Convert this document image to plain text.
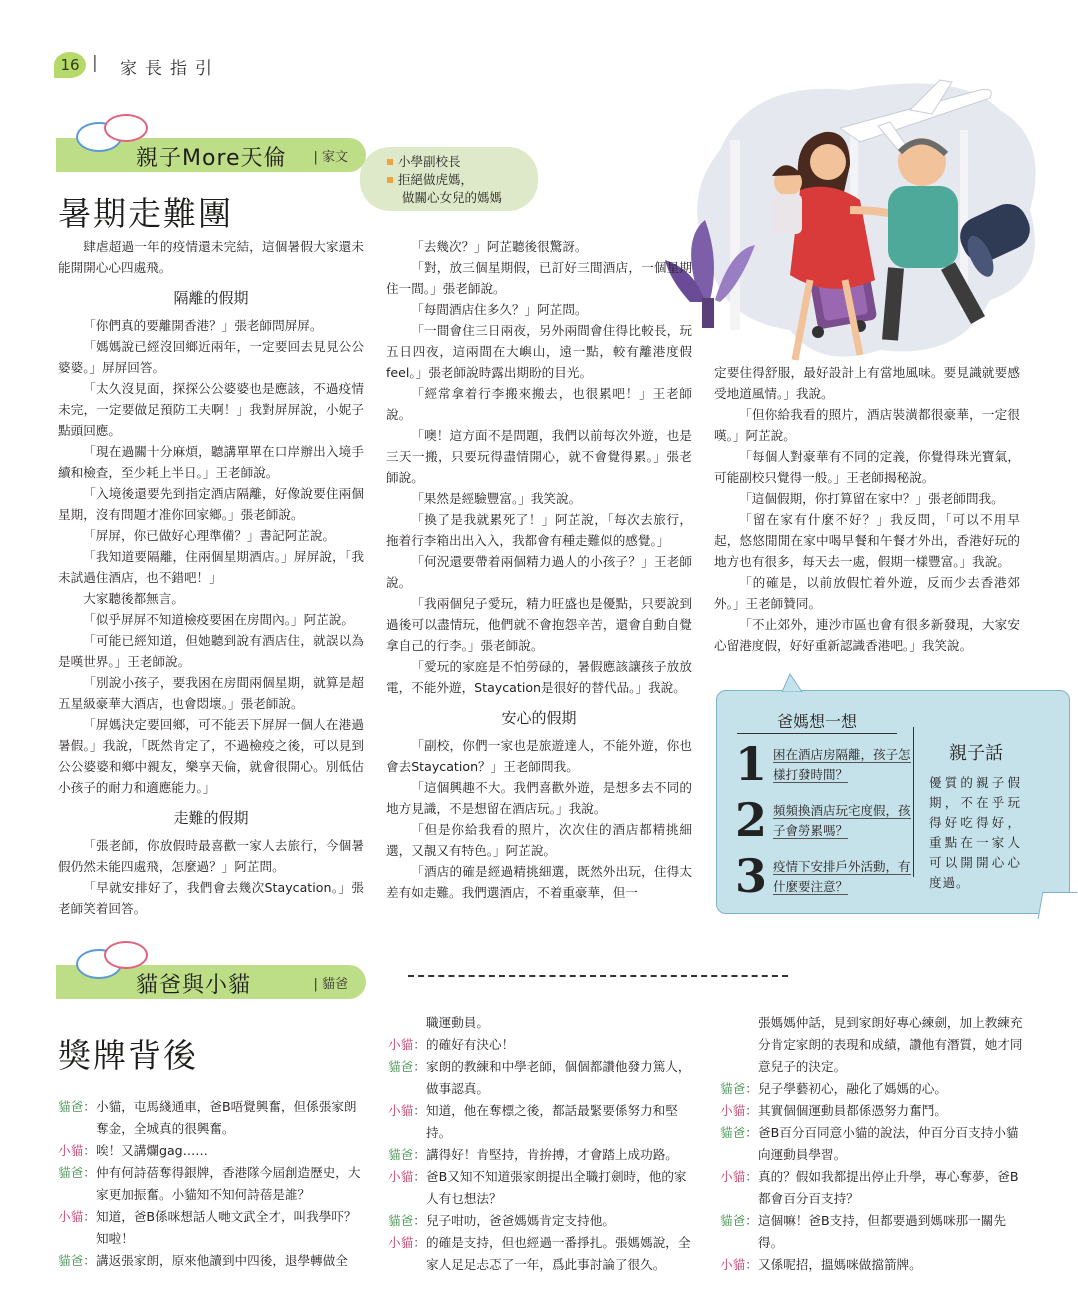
16 | 家長指引
親子More天倫 | 家文	小學副校長
拒絕做虎媽，
做關心女兒的媽媽
暑期走難團

肆虐超過一年的疫情還未完結，這個暑假大家還未能開開心心四處飛。

隔離的假期

「你們真的要離開香港？」張老師問屏屏。

「媽媽說已經沒回鄉近兩年，一定要回去見見公公婆婆。」屏屏回答。

「太久沒見面，探探公公婆婆也是應該，不過疫情未完，一定要做足預防工夫啊！」我對屏屏說，小妮子點頭回應。

「現在過關十分麻煩，聽講單單在口岸辦出入境手續和檢查，至少耗上半日。」王老師說。

「入境後還要先到指定酒店隔離，好像說要住兩個星期，沒有問題才准你回家鄉。」張老師說。

「屏屏，你已做好心理準備？」書記阿芷說。

「我知道要隔離，住兩個星期酒店。」屏屏說，「我未試過住酒店，也不錯吧！」

大家聽後都無言。

「似乎屏屏不知道檢疫要困在房間內。」阿芷說。

「可能已經知道，但她聽到說有酒店住，就誤以為是嘆世界。」王老師說。

「別說小孩子，要我困在房間兩個星期，就算是超五星級豪華大酒店，也會悶壞。」張老師說。

「屏媽決定要回鄉，可不能丟下屏屏一個人在港過暑假。」我說，「既然肯定了，不過檢疫之後，可以見到公公婆婆和鄉中親友，樂享天倫，就會很開心。別低估小孩子的耐力和適應能力。」

走難的假期

「張老師，你放假時最喜歡一家人去旅行，今個暑假仍然未能四處飛，怎麼過？」阿芷問。

「早就安排好了，我們會去幾次Staycation。」張老師笑着回答。

「去幾次？」阿芷聽後很驚訝。

「對，放三個星期假，已訂好三間酒店，一個星期住一間。」張老師說。

「每間酒店住多久？」阿芷問。

「一間會住三日兩夜，另外兩間會住得比較長，玩五日四夜，這兩間在大嶼山，遠一點，較有離港度假feel。」張老師說時露出期盼的目光。

「經常拿着行李搬來搬去，也很累吧！」王老師說。

「噢！這方面不是問題，我們以前每次外遊，也是三天一搬，只要玩得盡情開心，就不會覺得累。」張老師說。

「果然是經驗豐富。」我笑說。

「換了是我就累死了！」阿芷說，「每次去旅行，拖着行李箱出出入入，我都會有種走難似的感覺。」

「何況還要帶着兩個精力過人的小孩子？」王老師說。

「我兩個兒子愛玩，精力旺盛也是優點，只要說到過後可以盡情玩，他們就不會抱怨辛苦，還會自動自覺拿自己的行李。」張老師說。

「愛玩的家庭是不怕勞碌的，暑假應該讓孩子放放電，不能外遊，Staycation是很好的替代品。」我說。

安心的假期

「副校，你們一家也是旅遊達人，不能外遊，你也會去Staycation？」王老師問我。

「這個興趣不大。我們喜歡外遊，是想多去不同的地方見識，不是想留在酒店玩。」我說。

「但是你給我看的照片，次次住的酒店都精挑細選，又靚又有特色。」阿芷說。

「酒店的確是經過精挑細選，既然外出玩，住得太差有如走難。我們選酒店，不着重豪華，但一

定要住得舒服，最好設計上有當地風味。要見識就要感受地道風情。」我說。

「但你給我看的照片，酒店裝潢都很豪華，一定很嘆。」阿芷說。

「每個人對豪華有不同的定義，你覺得珠光寶氣，可能副校只覺得一般。」王老師揭秘說。

「這個假期，你打算留在家中？」張老師問我。

「留在家有什麼不好？」我反問，「可以不用早起，悠悠閒閒在家中喝早餐和午餐才外出，香港好玩的地方也有很多，每天去一處，假期一樣豐富。」我說。

「的確是，以前放假忙着外遊，反而少去香港郊外。」王老師贊同。

「不止郊外，連沙市區也會有很多新發現，大家安心留港度假，好好重新認識香港吧。」我笑說。

爸媽想一想
1 困在酒店房隔離，孩子怎樣打發時間？
2 頻頻換酒店玩宅度假，孩子會勞累嗎？
3 疫情下安排戶外活動，有什麼要注意？
親子話
優質的親子假期，不在乎玩得好吃得好，重點在一家人可以開開心心度過。
貓爸與小貓	| 貓爸
獎牌背後
貓爸 ：	小貓，屯馬綫通車，爸B唔覺興奮，但係張家朗奪金，全城真的很興奮。
小貓 ：	唉！又講爛gag……
貓爸 ：	仲有何詩蓓奪得銀牌，香港隊今屆創造歷史，大家更加振奮。小貓知不知何詩蓓是誰？
小貓 ：	知道，爸B係咪想話人哋文武全才，叫我學吓？知啦！
貓爸 ：	講返張家朗，原來他讀到中四後，退學轉做全
職運動員。
小貓 ：	的確好有決心！
貓爸 ：	家朗的教練和中學老師，個個都讚他發力篤人，做事認真。
小貓 ：	知道，他在奪標之後，都話最緊要係努力和堅持。
貓爸 ：	講得好！肯堅持，肯拚搏，才會踏上成功路。
小貓 ：	爸B又知不知道張家朗提出全職打劍時，他的家人有乜想法？
貓爸 ：	兒子咁叻，爸爸媽媽肯定支持他。
小貓 ：	的確是支持，但也經過一番掙扎。張媽媽說，全家人足足忐忑了一年，爲此事討論了很久。
張媽媽仲話，見到家朗好專心練劍，加上教練充分肯定家朗的表現和成績，讚他有潛質，她才同意兒子的決定。
貓爸 ：	兒子學藝初心，融化了媽媽的心。
小貓 ：	其實個個運動員都係憑努力奮鬥。
貓爸 ：	爸B百分百同意小貓的說法，仲百分百支持小貓向運動員學習。
小貓 ：	真的？假如我都提出停止升學，專心奪夢，爸B都會百分百支持？
貓爸 ：	這個嘛！爸B支持，但都要過到媽咪那一關先得。
小貓 ：	又係呢招，搵媽咪做擋箭牌。
